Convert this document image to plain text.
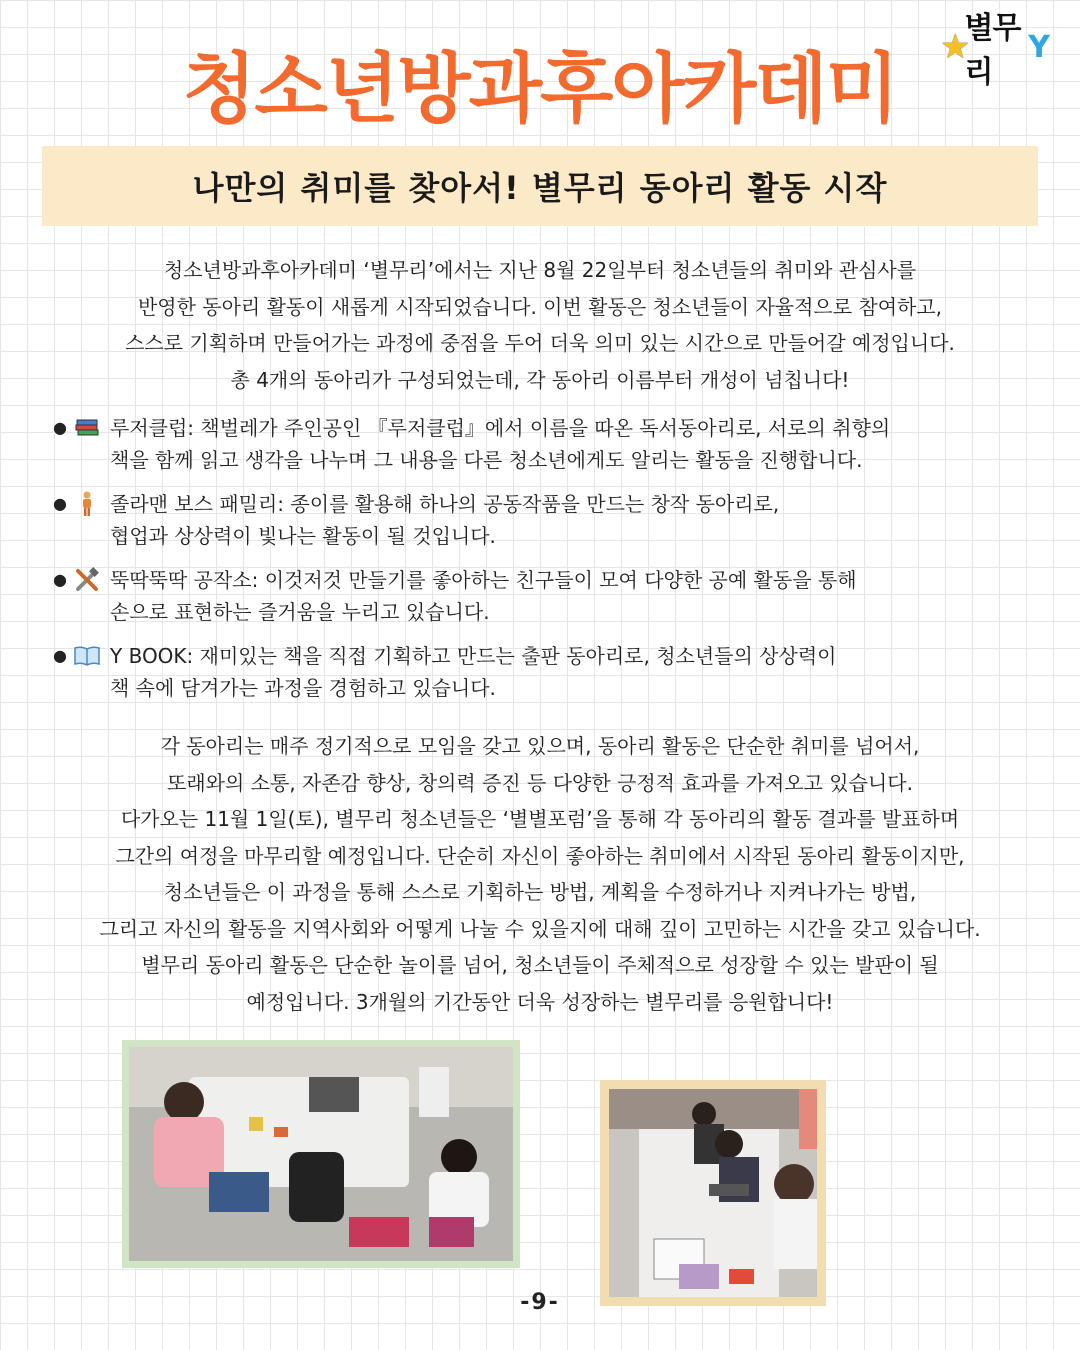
★
별무리
Y
청소년방과후아카데미
나만의 취미를 찾아서! 별무리 동아리 활동 시작
청소년방과후아카데미 ‘별무리’에서는 지난 8월 22일부터 청소년들의 취미와 관심사를
반영한 동아리 활동이 새롭게 시작되었습니다. 이번 활동은 청소년들이 자율적으로 참여하고,
스스로 기획하며 만들어가는 과정에 중점을 두어 더욱 의미 있는 시간으로 만들어갈 예정입니다.
총 4개의 동아리가 구성되었는데, 각 동아리 이름부터 개성이 넘칩니다!
● 루저클럽: 책벌레가 주인공인 『루저클럽』에서 이름을 따온 독서동아리로, 서로의 취향의
책을 함께 읽고 생각을 나누며 그 내용을 다른 청소년에게도 알리는 활동을 진행합니다.
● 졸라맨 보스 패밀리: 종이를 활용해 하나의 공동작품을 만드는 창작 동아리로,
협업과 상상력이 빛나는 활동이 될 것입니다.
● 뚝딱뚝딱 공작소: 이것저것 만들기를 좋아하는 친구들이 모여 다양한 공예 활동을 통해
손으로 표현하는 즐거움을 누리고 있습니다.
● Y BOOK: 재미있는 책을 직접 기획하고 만드는 출판 동아리로, 청소년들의 상상력이
책 속에 담겨가는 과정을 경험하고 있습니다.
각 동아리는 매주 정기적으로 모임을 갖고 있으며, 동아리 활동은 단순한 취미를 넘어서,
또래와의 소통, 자존감 향상, 창의력 증진 등 다양한 긍정적 효과를 가져오고 있습니다.
다가오는 11월 1일(토), 별무리 청소년들은 ‘별별포럼’을 통해 각 동아리의 활동 결과를 발표하며
그간의 여정을 마무리할 예정입니다. 단순히 자신이 좋아하는 취미에서 시작된 동아리 활동이지만,
청소년들은 이 과정을 통해 스스로 기획하는 방법, 계획을 수정하거나 지켜나가는 방법,
그리고 자신의 활동을 지역사회와 어떻게 나눌 수 있을지에 대해 깊이 고민하는 시간을 갖고 있습니다.
별무리 동아리 활동은 단순한 놀이를 넘어, 청소년들이 주체적으로 성장할 수 있는 발판이 될
예정입니다. 3개월의 기간동안 더욱 성장하는 별무리를 응원합니다!
-9-
